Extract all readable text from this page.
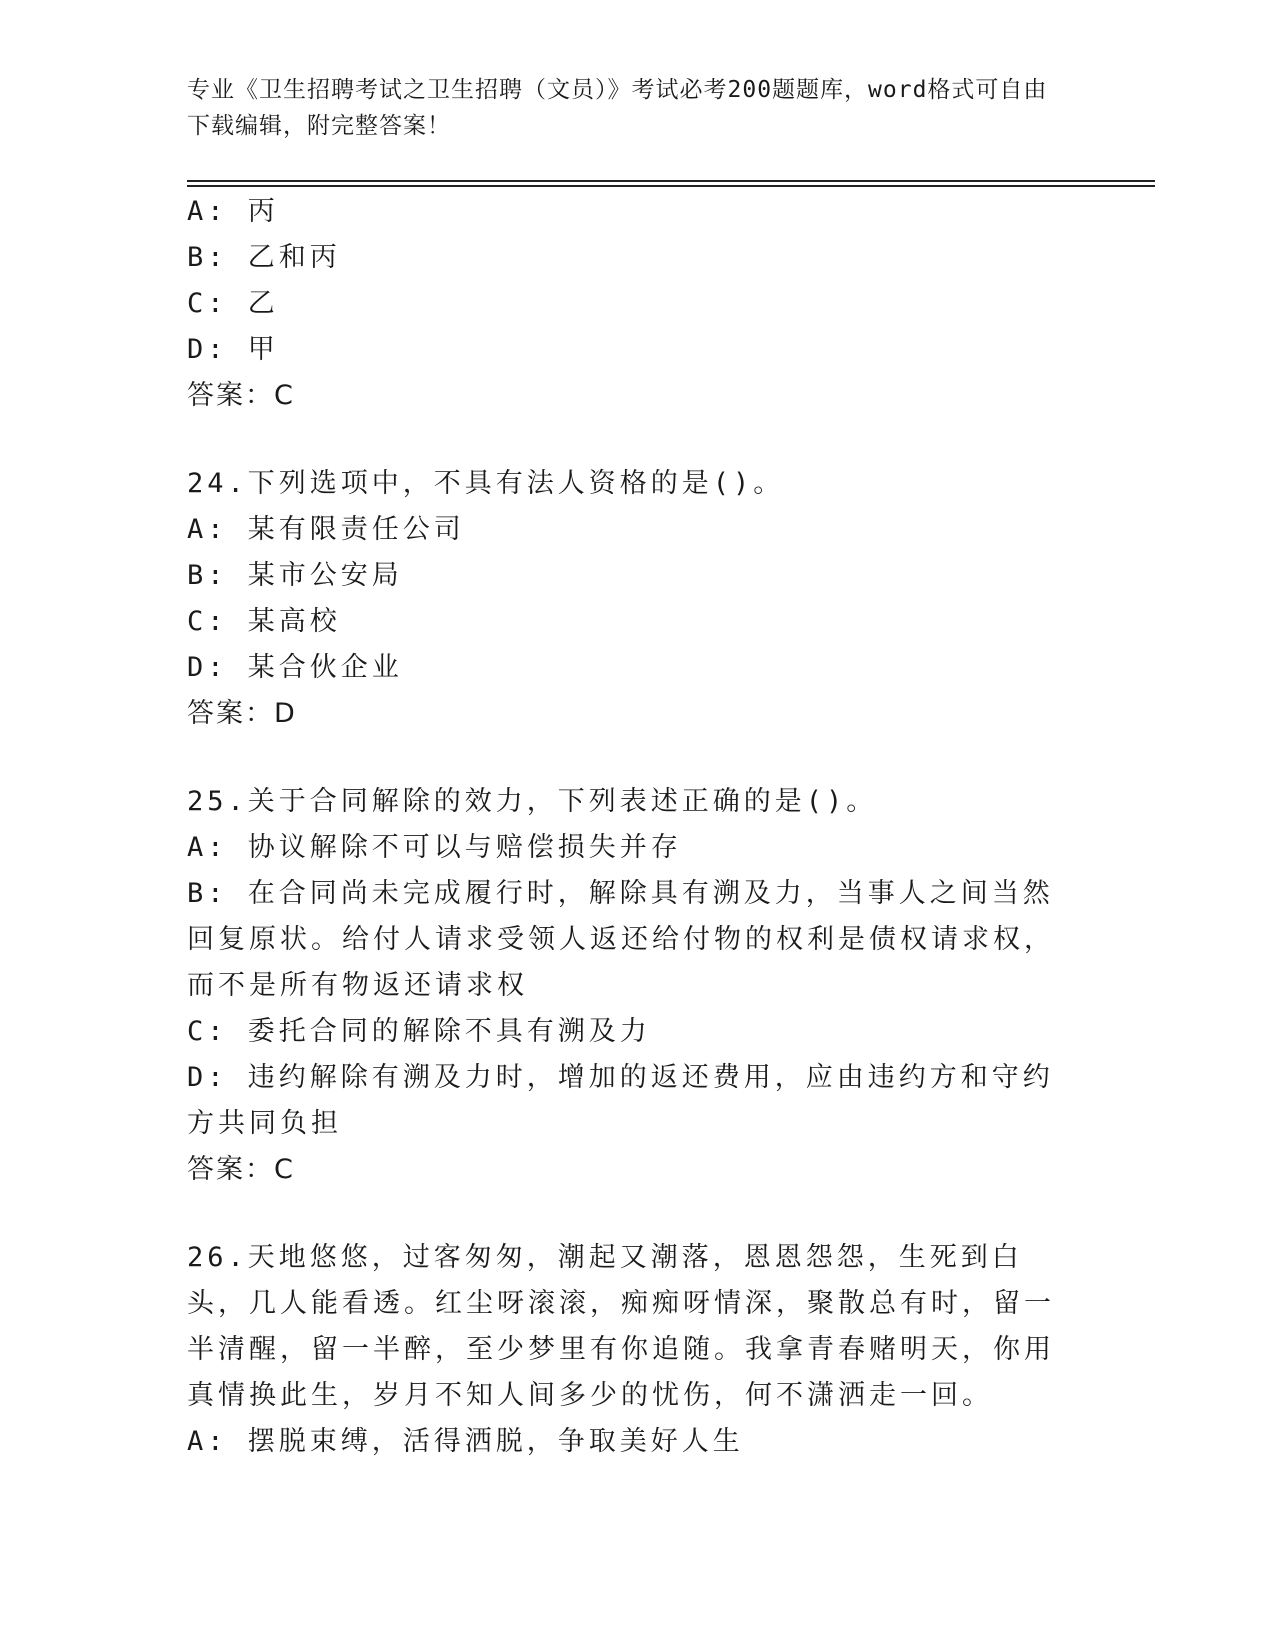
专业《卫生招聘考试之卫生招聘（文员）》考试必考200题题库，word格式可自由下载编辑，附完整答案！
A: 丙
B: 乙和丙
C: 乙
D: 甲
答案：C
24.下列选项中，不具有法人资格的是()。
A: 某有限责任公司
B: 某市公安局
C: 某高校
D: 某合伙企业
答案：D
25.关于合同解除的效力，下列表述正确的是()。
A: 协议解除不可以与赔偿损失并存
B: 在合同尚未完成履行时，解除具有溯及力，当事人之间当然回复原状。给付人请求受领人返还给付物的权利是债权请求权，而不是所有物返还请求权
C: 委托合同的解除不具有溯及力
D: 违约解除有溯及力时，增加的返还费用，应由违约方和守约方共同负担
答案：C
26.天地悠悠，过客匆匆，潮起又潮落，恩恩怨怨，生死到白头，几人能看透。红尘呀滚滚，痴痴呀情深，聚散总有时，留一半清醒，留一半醉，至少梦里有你追随。我拿青春赌明天，你用真情换此生，岁月不知人间多少的忧伤，何不潇洒走一回。
A: 摆脱束缚，活得洒脱，争取美好人生
